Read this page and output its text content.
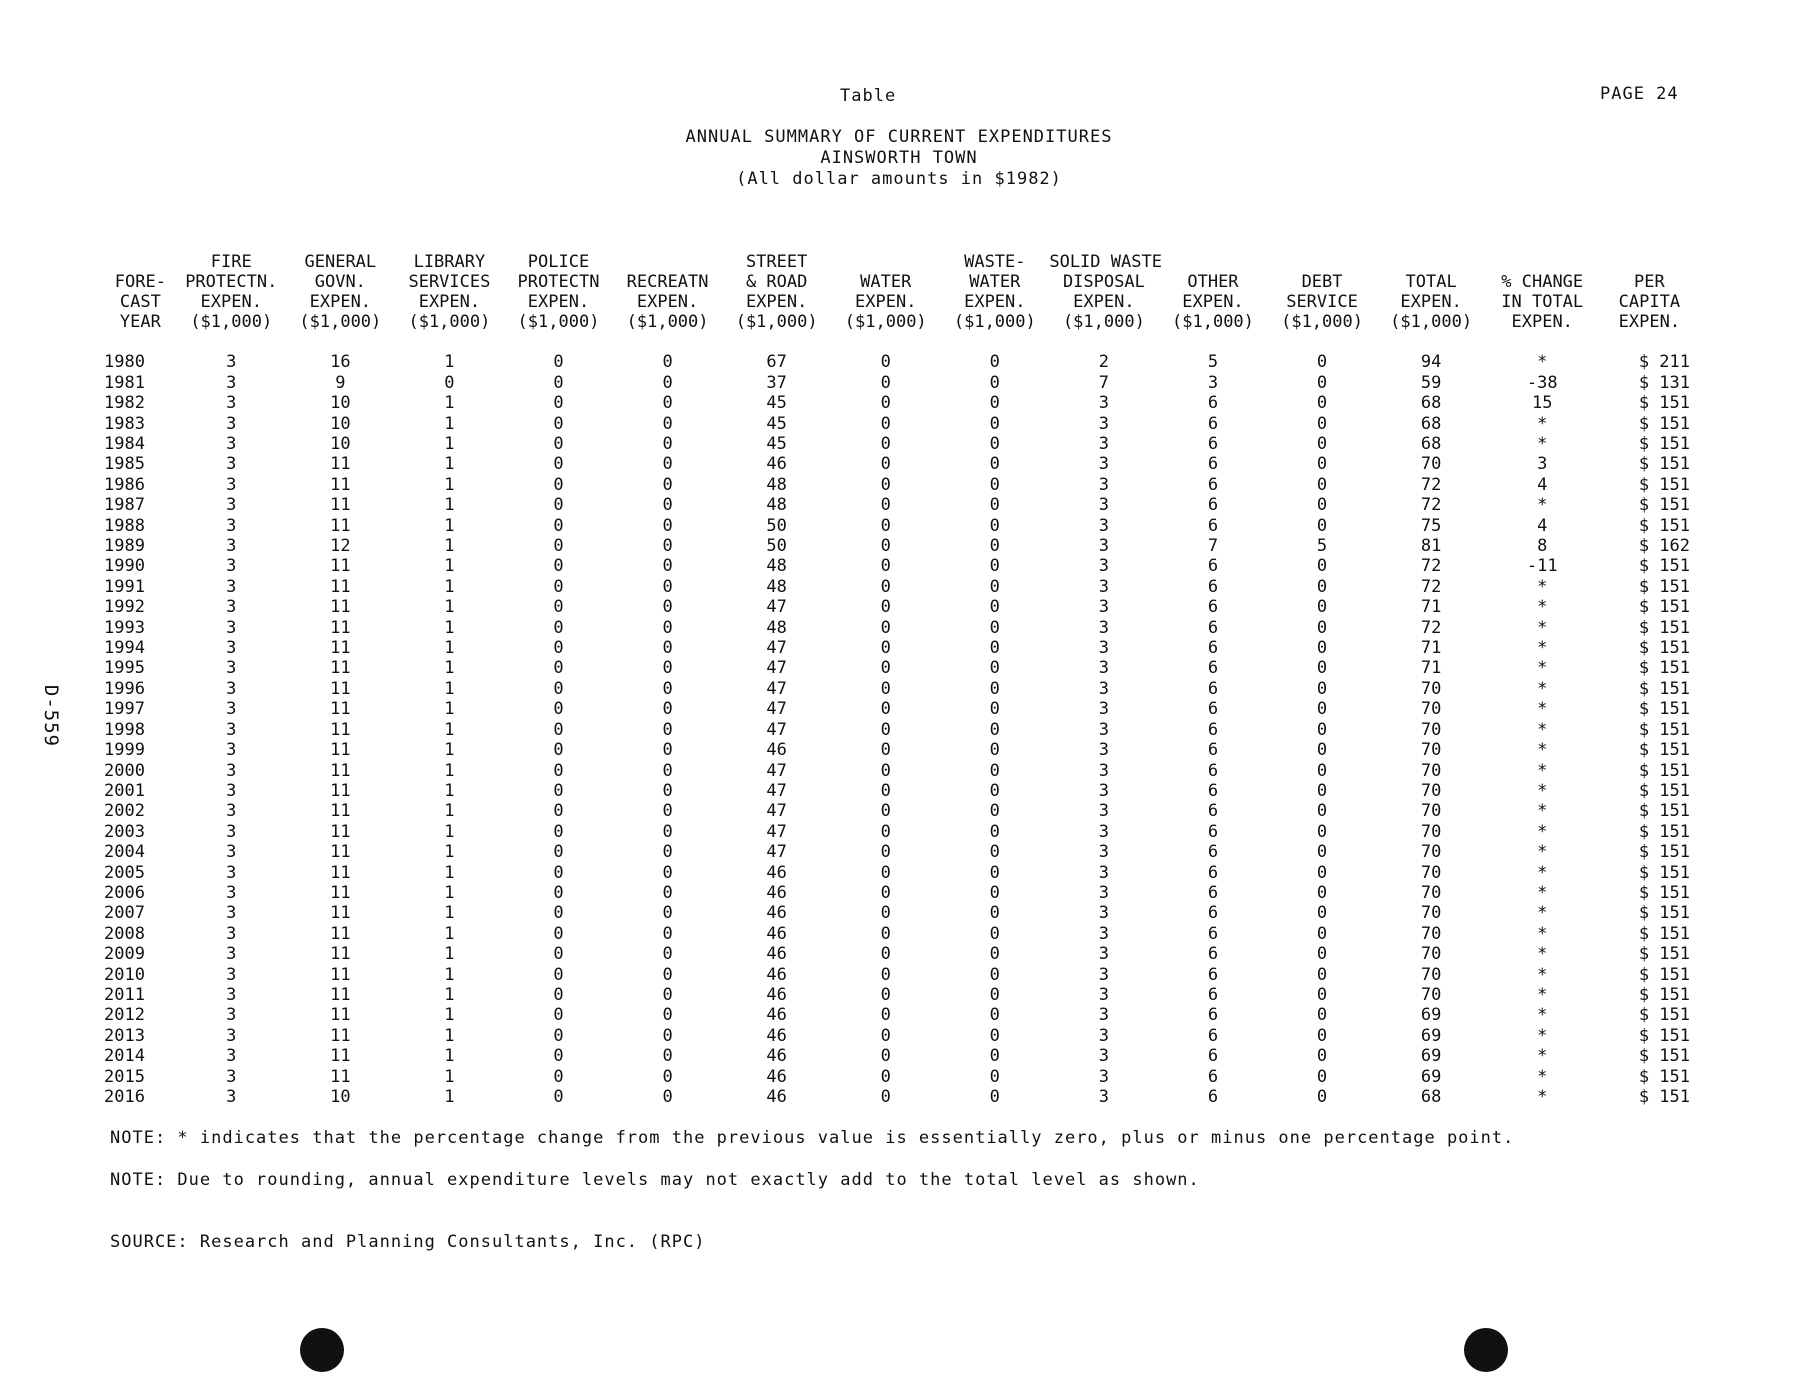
Table	PAGE 24
ANNUAL SUMMARY OF CURRENT EXPENDITURES
AINSWORTH TOWN
(All dollar amounts in $1982)
D-559

FORE-
CAST
YEAR	FIRE
PROTECTN.
EXPEN.
($1,000)	GENERAL
GOVN.
EXPEN.
($1,000)	LIBRARY
SERVICES
EXPEN.
($1,000)	POLICE
PROTECTN
EXPEN.
($1,000)	RECREATN
EXPEN.
($1,000)	STREET
& ROAD
EXPEN.
($1,000)	WATER
EXPEN.
($1,000)	WASTE-
WATER
EXPEN.
($1,000)	SOLID WASTE
DISPOSAL
EXPEN.
($1,000)	OTHER
EXPEN.
($1,000)	DEBT
SERVICE
($1,000)	TOTAL
EXPEN.
($1,000)	% CHANGE
IN TOTAL
EXPEN.	PER
CAPITA
EXPEN.

1980	3	16	1	0	0	67	0	0	2	5	0	94	*	$ 211
1981	3	9	0	0	0	37	0	0	7	3	0	59	-38	$ 131
1982	3	10	1	0	0	45	0	0	3	6	0	68	15	$ 151
1983	3	10	1	0	0	45	0	0	3	6	0	68	*	$ 151
1984	3	10	1	0	0	45	0	0	3	6	0	68	*	$ 151
1985	3	11	1	0	0	46	0	0	3	6	0	70	3	$ 151
1986	3	11	1	0	0	48	0	0	3	6	0	72	4	$ 151
1987	3	11	1	0	0	48	0	0	3	6	0	72	*	$ 151
1988	3	11	1	0	0	50	0	0	3	6	0	75	4	$ 151
1989	3	12	1	0	0	50	0	0	3	7	5	81	8	$ 162
1990	3	11	1	0	0	48	0	0	3	6	0	72	-11	$ 151
1991	3	11	1	0	0	48	0	0	3	6	0	72	*	$ 151
1992	3	11	1	0	0	47	0	0	3	6	0	71	*	$ 151
1993	3	11	1	0	0	48	0	0	3	6	0	72	*	$ 151
1994	3	11	1	0	0	47	0	0	3	6	0	71	*	$ 151
1995	3	11	1	0	0	47	0	0	3	6	0	71	*	$ 151
1996	3	11	1	0	0	47	0	0	3	6	0	70	*	$ 151
1997	3	11	1	0	0	47	0	0	3	6	0	70	*	$ 151
1998	3	11	1	0	0	47	0	0	3	6	0	70	*	$ 151
1999	3	11	1	0	0	46	0	0	3	6	0	70	*	$ 151
2000	3	11	1	0	0	47	0	0	3	6	0	70	*	$ 151
2001	3	11	1	0	0	47	0	0	3	6	0	70	*	$ 151
2002	3	11	1	0	0	47	0	0	3	6	0	70	*	$ 151
2003	3	11	1	0	0	47	0	0	3	6	0	70	*	$ 151
2004	3	11	1	0	0	47	0	0	3	6	0	70	*	$ 151
2005	3	11	1	0	0	46	0	0	3	6	0	70	*	$ 151
2006	3	11	1	0	0	46	0	0	3	6	0	70	*	$ 151
2007	3	11	1	0	0	46	0	0	3	6	0	70	*	$ 151
2008	3	11	1	0	0	46	0	0	3	6	0	70	*	$ 151
2009	3	11	1	0	0	46	0	0	3	6	0	70	*	$ 151
2010	3	11	1	0	0	46	0	0	3	6	0	70	*	$ 151
2011	3	11	1	0	0	46	0	0	3	6	0	70	*	$ 151
2012	3	11	1	0	0	46	0	0	3	6	0	69	*	$ 151
2013	3	11	1	0	0	46	0	0	3	6	0	69	*	$ 151
2014	3	11	1	0	0	46	0	0	3	6	0	69	*	$ 151
2015	3	11	1	0	0	46	0	0	3	6	0	69	*	$ 151
2016	3	10	1	0	0	46	0	0	3	6	0	68	*	$ 151
NOTE: * indicates that the percentage change from the previous value is essentially zero, plus or minus one percentage point.
NOTE: Due to rounding, annual expenditure levels may not exactly add to the total level as shown.
SOURCE: Research and Planning Consultants, Inc. (RPC)
